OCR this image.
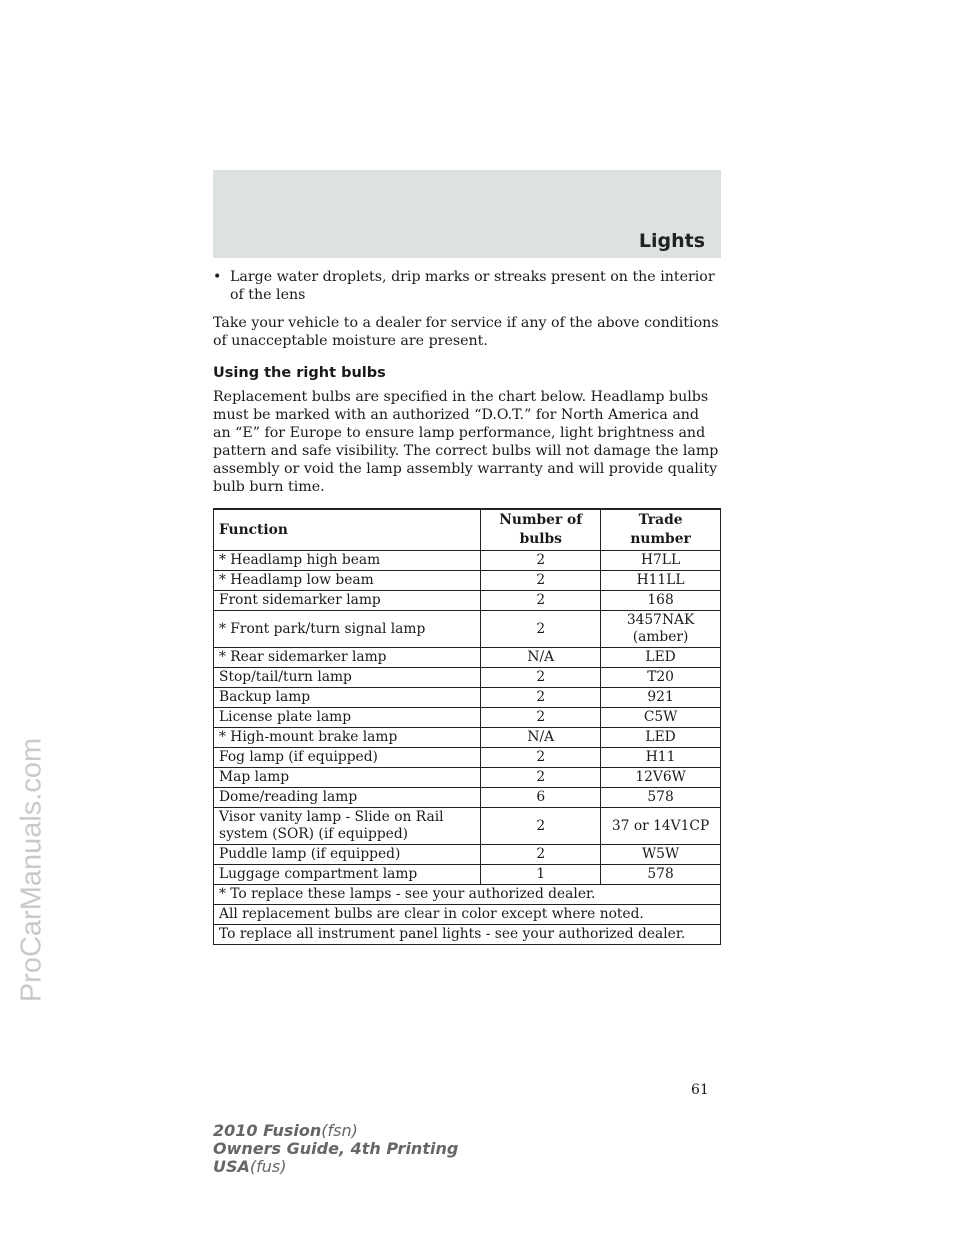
ProCarManuals.com
Lights
• Large water droplets, drip marks or streaks present on the interior of the lens

Take your vehicle to a dealer for service if any of the above conditions of unacceptable moisture are present.

Using the right bulbs

Replacement bulbs are specified in the chart below. Headlamp bulbs must be marked with an authorized “D.O.T.” for North America and an “E” for Europe to ensure lamp performance, light brightness and pattern and safe visibility. The correct bulbs will not damage the lamp assembly or void the lamp assembly warranty and will provide quality bulb burn time.

Function	Number of bulbs	Trade number
* Headlamp high beam	2	H7LL
* Headlamp low beam	2	H11LL
Front sidemarker lamp	2	168
* Front park/turn signal lamp	2	3457NAK (amber)
* Rear sidemarker lamp	N/A	LED
Stop/tail/turn lamp	2	T20
Backup lamp	2	921
License plate lamp	2	C5W
* High-mount brake lamp	N/A	LED
Fog lamp (if equipped)	2	H11
Map lamp	2	12V6W
Dome/reading lamp	6	578
Visor vanity lamp - Slide on Rail system (SOR) (if equipped)	2	37 or 14V1CP
Puddle lamp (if equipped)	2	W5W
Luggage compartment lamp	1	578
* To replace these lamps - see your authorized dealer.		
All replacement bulbs are clear in color except where noted.		
To replace all instrument panel lights - see your authorized dealer.		
61
2010 Fusion(fsn)
Owners Guide, 4th Printing
USA(fus)
